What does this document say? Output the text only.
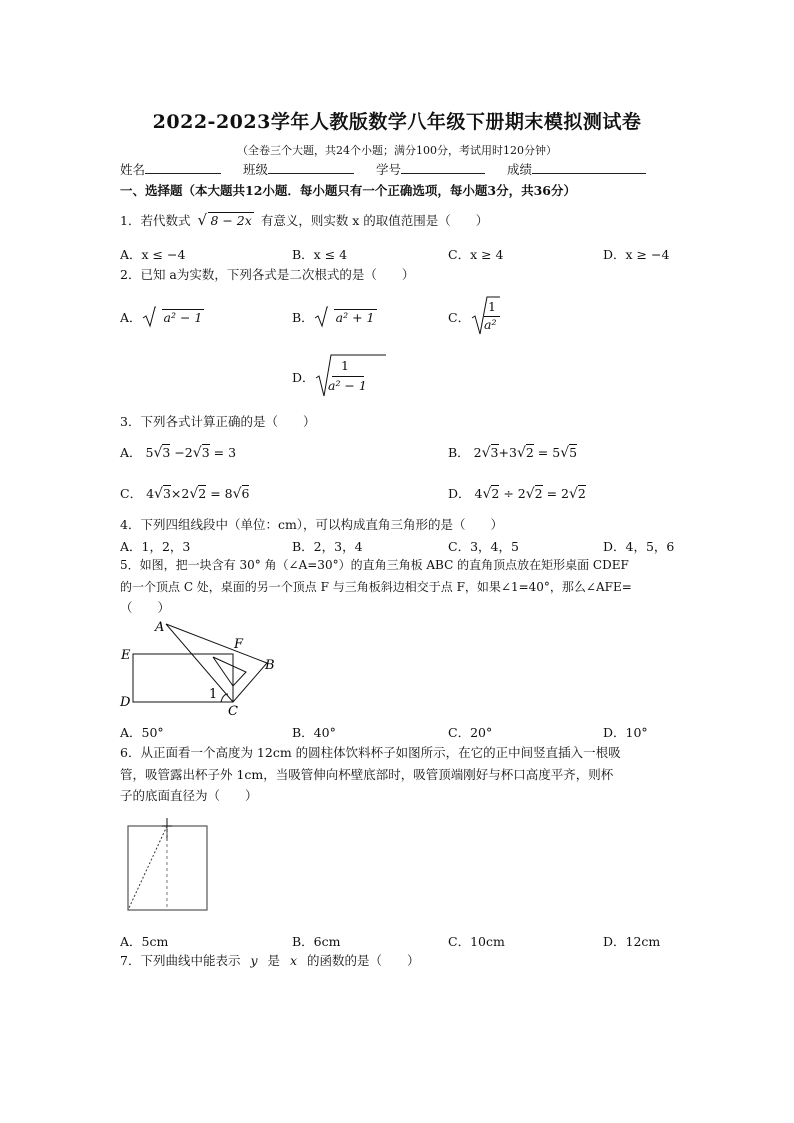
2022-2023学年人教版数学八年级下册期末模拟测试卷
（全卷三个大题，共24个小题；满分100分，考试用时120分钟）
姓名	班级	学号	成绩
一、选择题（本大题共12小题．每小题只有一个正确选项，每小题3分，共36分）
1．若代数式 √ 8 − 2x 有意义，则实数 x 的取值范围是（　　）
A．x ≤ −4	B．x ≤ 4	C．x ≥ 4	D．x ≥ −4
2．已知 a为实数，下列各式是二次根式的是（　　）
A． a² − 1	B． a² + 1	C．
1
a²
D．
1
a² − 1
3．下列各式计算正确的是（　　）
A． 5√3 −2√3 = 3	B． 2√3+3√2 = 5√5
C． 4√3×2√2 = 8√6	D． 4√2 ÷ 2√2 = 2√2
4．下列四组线段中（单位：cm），可以构成直角三角形的是（　　）
A．1，2，3	B．2，3，4	C．3，4，5	D．4，5，6
5．如图，把一块含有 30° 角（∠A=30°）的直角三角板 ABC 的直角顶点放在矩形桌面 CDEF
的一个顶点 C 处，桌面的另一个顶点 F 与三角板斜边相交于点 F，如果∠1=40°，那么∠AFE=
（　　）
A
B
C
D
E
F
1
A．50°	B．40°	C．20°	D．10°
6．从正面看一个高度为 12cm 的圆柱体饮料杯子如图所示，在它的正中间竖直插入一根吸
管，吸管露出杯子外 1cm，当吸管伸向杯壁底部时，吸管顶端刚好与杯口高度平齐，则杯
子的底面直径为（　　）
A．5cm	B．6cm	C．10cm	D．12cm
7．下列曲线中能表示 y 是 x 的函数的是（　　）
